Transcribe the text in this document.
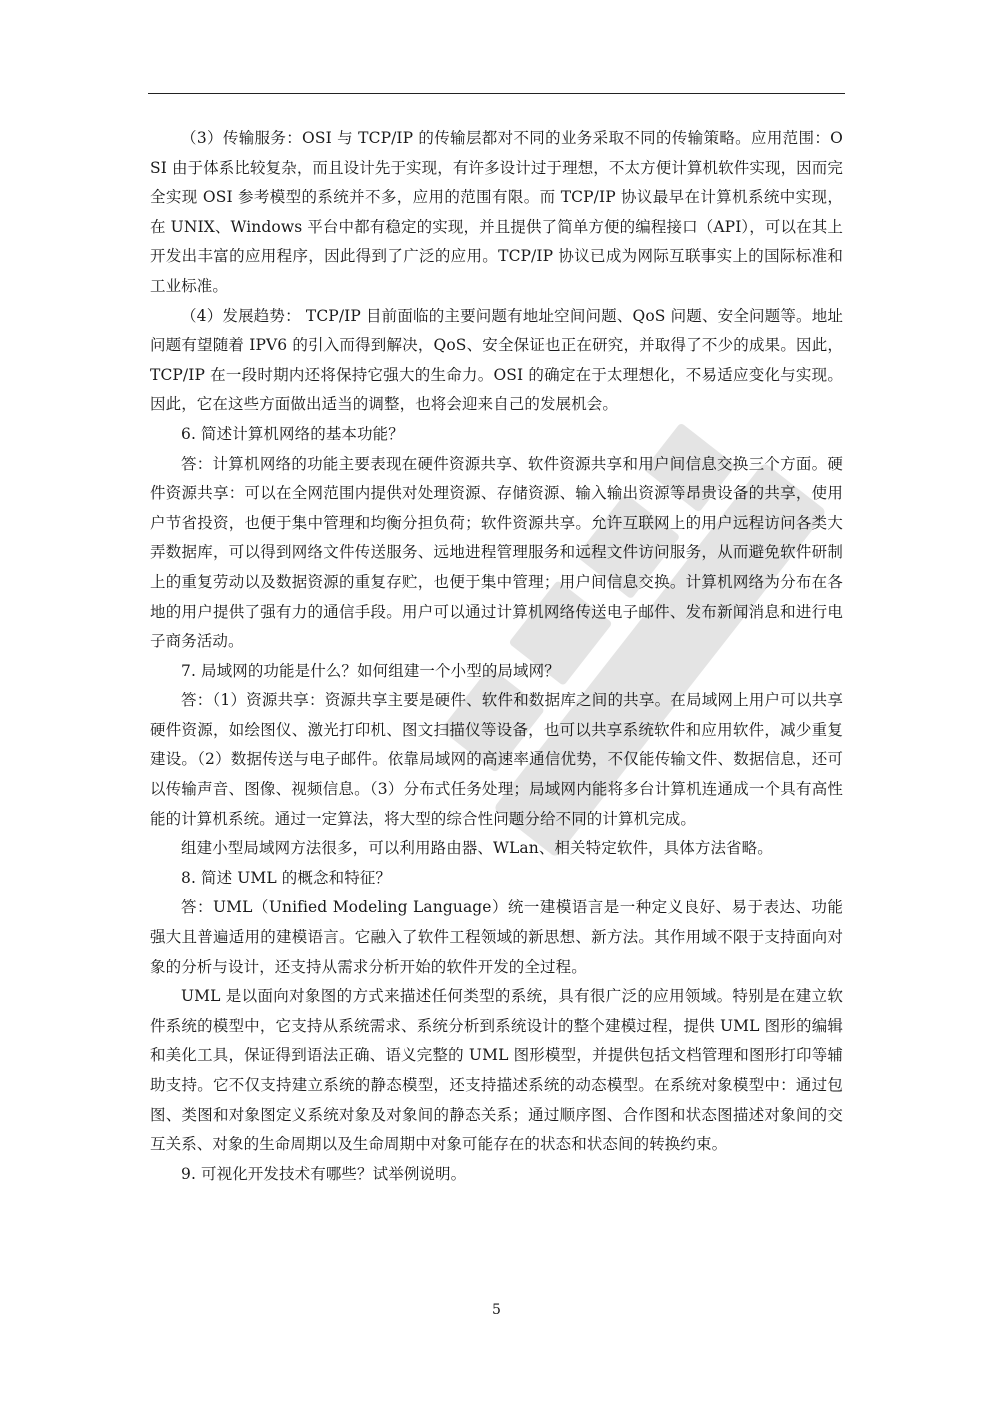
（3）传输服务：OSI 与 TCP/IP 的传输层都对不同的业务采取不同的传输策略。应用范围：OSI 由于体系比较复杂，而且设计先于实现，有许多设计过于理想，不太方便计算机软件实现，因而完全实现 OSI 参考模型的系统并不多，应用的范围有限。而 TCP/IP 协议最早在计算机系统中实现，在 UNIX、Windows 平台中都有稳定的实现，并且提供了简单方便的编程接口（API），可以在其上开发出丰富的应用程序，因此得到了广泛的应用。TCP/IP 协议已成为网际互联事实上的国际标准和工业标准。

（4）发展趋势： TCP/IP 目前面临的主要问题有地址空间问题、QoS 问题、安全问题等。地址问题有望随着 IPV6 的引入而得到解决，QoS、安全保证也正在研究，并取得了不少的成果。因此，TCP/IP 在一段时期内还将保持它强大的生命力。OSI 的确定在于太理想化，不易适应变化与实现。因此，它在这些方面做出适当的调整，也将会迎来自己的发展机会。

6. 简述计算机网络的基本功能？

答：计算机网络的功能主要表现在硬件资源共享、软件资源共享和用户间信息交换三个方面。硬件资源共享：可以在全网范围内提供对处理资源、存储资源、输入输出资源等昂贵设备的共享，使用户节省投资，也便于集中管理和均衡分担负荷；软件资源共享。允许互联网上的用户远程访问各类大弄数据库，可以得到网络文件传送服务、远地进程管理服务和远程文件访问服务，从而避免软件研制上的重复劳动以及数据资源的重复存贮，也便于集中管理；用户间信息交换。计算机网络为分布在各地的用户提供了强有力的通信手段。用户可以通过计算机网络传送电子邮件、发布新闻消息和进行电子商务活动。

7. 局域网的功能是什么？如何组建一个小型的局域网？

答：（1）资源共享：资源共享主要是硬件、软件和数据库之间的共享。在局域网上用户可以共享硬件资源，如绘图仪、激光打印机、图文扫描仪等设备，也可以共享系统软件和应用软件，减少重复建设。（2）数据传送与电子邮件。依靠局域网的高速率通信优势，不仅能传输文件、数据信息，还可以传输声音、图像、视频信息。（3）分布式任务处理；局域网内能将多台计算机连通成一个具有高性能的计算机系统。通过一定算法，将大型的综合性问题分给不同的计算机完成。

组建小型局域网方法很多，可以利用路由器、WLan、相关特定软件，具体方法省略。

8. 简述 UML 的概念和特征？

答：UML（Unified Modeling Language）统一建模语言是一种定义良好、易于表达、功能强大且普遍适用的建模语言。它融入了软件工程领域的新思想、新方法。其作用域不限于支持面向对象的分析与设计，还支持从需求分析开始的软件开发的全过程。

UML 是以面向对象图的方式来描述任何类型的系统，具有很广泛的应用领域。特别是在建立软件系统的模型中，它支持从系统需求、系统分析到系统设计的整个建模过程，提供 UML 图形的编辑和美化工具，保证得到语法正确、语义完整的 UML 图形模型，并提供包括文档管理和图形打印等辅助支持。它不仅支持建立系统的静态模型，还支持描述系统的动态模型。在系统对象模型中：通过包图、类图和对象图定义系统对象及对象间的静态关系；通过顺序图、合作图和状态图描述对象间的交互关系、对象的生命周期以及生命周期中对象可能存在的状态和状态间的转换约束。

9. 可视化开发技术有哪些？试举例说明。

5
